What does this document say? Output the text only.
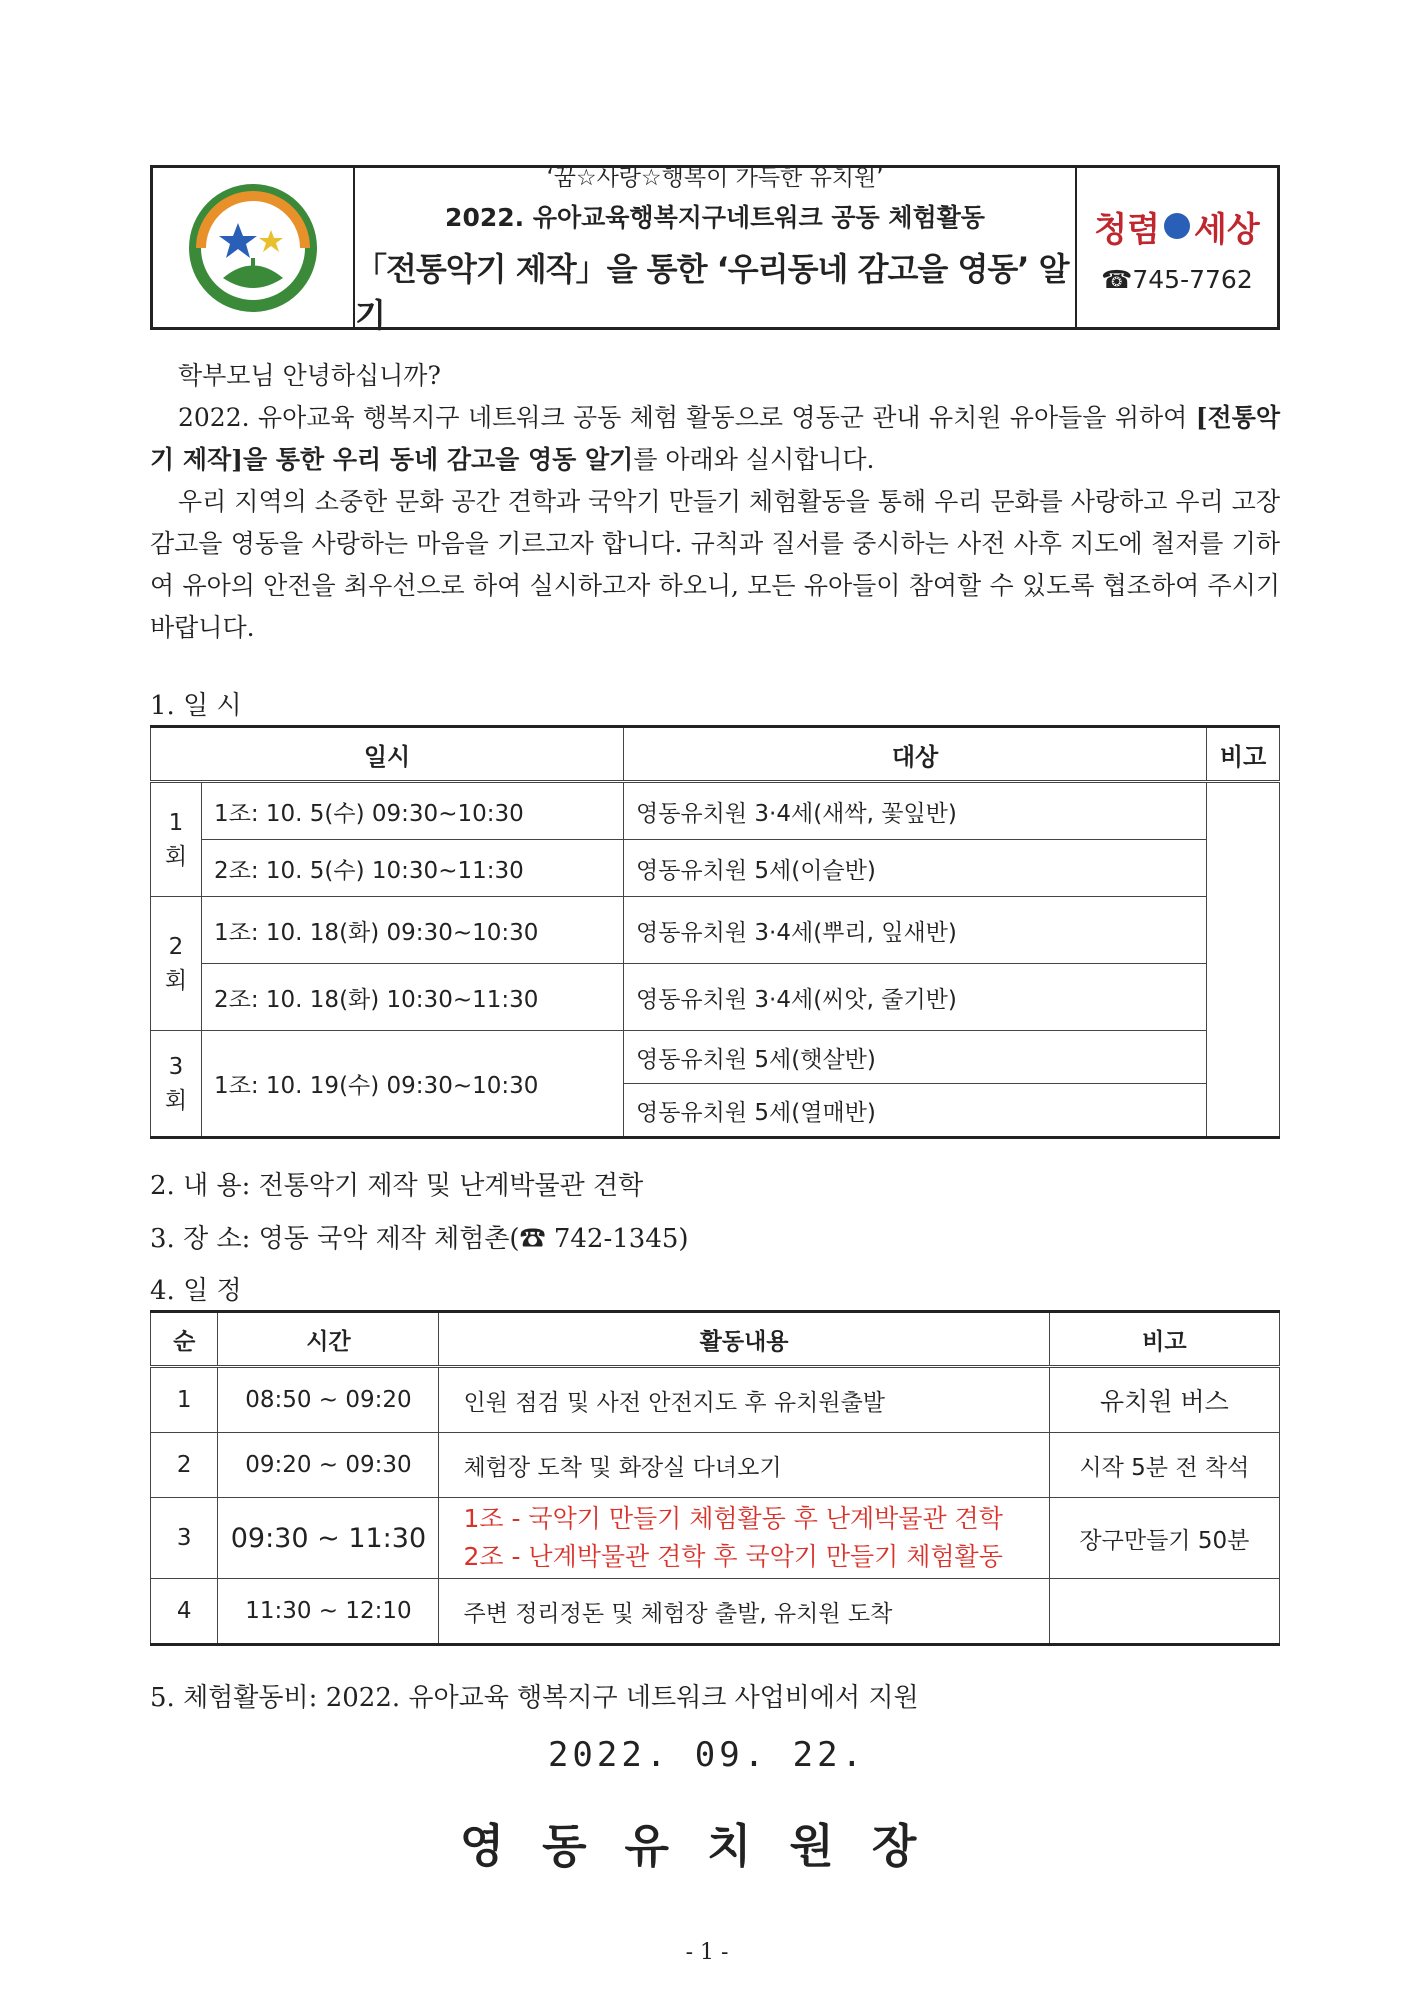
‘꿈☆사랑☆행복이 가득한 유치원’
2022. 유아교육행복지구네트워크 공동 체험활동
「전통악기 제작」을 통한 ‘우리동네 감고을 영동’ 알기
청렴 세상
☎745-7762

학부모님 안녕하십니까?

2022. 유아교육 행복지구 네트워크 공동 체험 활동으로 영동군 관내 유치원 유아들을 위하여 [전통악기 제작]을 통한 우리 동네 감고을 영동 알기를 아래와 실시합니다.

우리 지역의 소중한 문화 공간 견학과 국악기 만들기 체험활동을 통해 우리 문화를 사랑하고 우리 고장 감고을 영동을 사랑하는 마음을 기르고자 합니다. 규칙과 질서를 중시하는 사전 사후 지도에 철저를 기하여 유아의 안전을 최우선으로 하여 실시하고자 하오니, 모든 유아들이 참여할 수 있도록 협조하여 주시기 바랍니다.

1. 일 시
일시		대상	비고
1
회	1조: 10. 5(수) 09:30~10:30	영동유치원 3·4세(새싹, 꽃잎반)	
	2조: 10. 5(수) 10:30~11:30	영동유치원 5세(이슬반)	
2
회	1조: 10. 18(화) 09:30~10:30	영동유치원 3·4세(뿌리, 잎새반)	
	2조: 10. 18(화) 10:30~11:30	영동유치원 3·4세(씨앗, 줄기반)	
3
회	1조: 10. 19(수) 09:30~10:30	영동유치원 5세(햇살반)	
		영동유치원 5세(열매반)	
2. 내 용: 전통악기 제작 및 난계박물관 견학
3. 장 소: 영동 국악 제작 체험촌(☎ 742-1345)
4. 일 정
순	시간	활동내용	비고
1	08:50 ~ 09:20	인원 점검 및 사전 안전지도 후 유치원출발	유치원 버스
2	09:20 ~ 09:30	체험장 도착 및 화장실 다녀오기	시작 5분 전 착석
3	09:30 ~ 11:30	1조 - 국악기 만들기 체험활동 후 난계박물관 견학
2조 - 난계박물관 견학 후 국악기 만들기 체험활동	장구만들기 50분
4	11:30 ~ 12:10	주변 정리정돈 및 체험장 출발, 유치원 도착	
5. 체험활동비: 2022. 유아교육 행복지구 네트워크 사업비에서 지원
2022. 09. 22.
영동유치원장
- 1 -
